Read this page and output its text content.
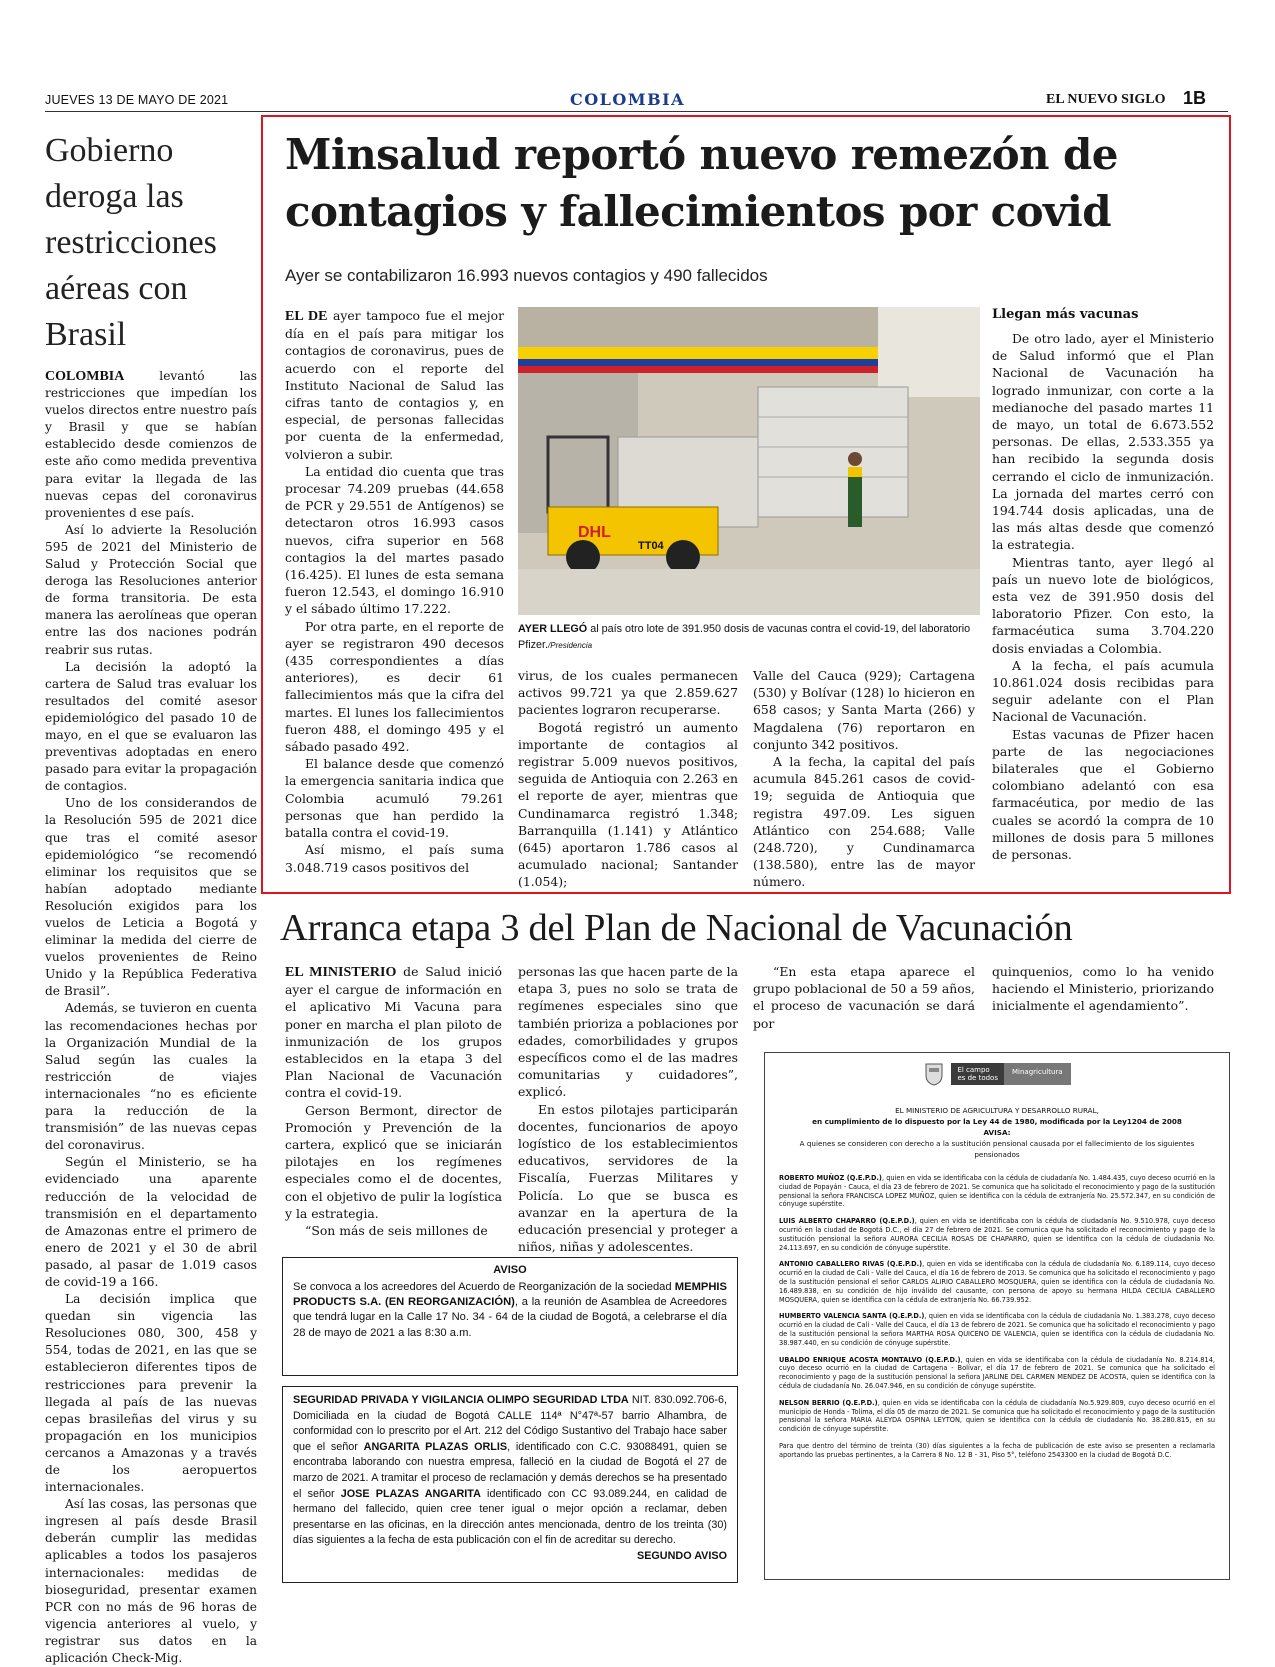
JUEVES 13 DE MAYO DE 2021	COLOMBIA	EL NUEVO SIGLO 1B
Gobierno deroga las restricciones aéreas con Brasil

COLOMBIA	levantó las restricciones que impedían los vuelos directos entre nuestro país y Brasil y que se habían establecido desde comienzos de este año como medida preventiva para evitar la llegada de las nuevas cepas del coronavirus provenientes d ese país.

Así lo advierte la Resolución 595 de 2021 del Ministerio de Salud y Protección Social que deroga las Resoluciones anterior de forma transitoria. De esta manera las aerolíneas que operan entre las dos naciones podrán reabrir sus rutas.

La decisión la adoptó la cartera de Salud tras evaluar los resultados del comité asesor epidemiológico del pasado 10 de mayo, en el que se evaluaron las preventivas adoptadas en enero pasado para evitar la propagación de contagios.

Uno de los considerandos de la Resolución 595 de 2021 dice que tras el comité asesor epidemiológico “se recomendó eliminar los requisitos que se habían adoptado mediante Resolución exigidos para los vuelos de Leticia a Bogotá y eliminar la medida del cierre de vuelos provenientes de Reino Unido y la República Federativa de Brasil”.

Además, se tuvieron en cuenta las recomendaciones hechas por la Organización Mundial de la Salud según las cuales la restricción de viajes internacionales “no es eficiente para la reducción de la transmisión” de las nuevas cepas del coronavirus.

Según el Ministerio, se ha evidenciado una aparente reducción de la velocidad de transmisión en el departamento de Amazonas entre el primero de enero de 2021 y el 30 de abril pasado, al pasar de 1.019 casos de covid-19 a 166.

La decisión implica que quedan sin vigencia las Resoluciones 080, 300, 458 y 554, todas de 2021, en las que se establecieron diferentes tipos de restricciones para prevenir la llegada al país de las nuevas cepas brasileñas del virus y su propagación en los municipios cercanos a Amazonas y a través de los aeropuertos internacionales.

Así las cosas, las personas que ingresen al país desde Brasil deberán cumplir las medidas aplicables a todos los pasajeros internacionales: medidas de bioseguridad, presentar examen PCR con no más de 96 horas de vigencia anteriores al vuelo, y registrar sus datos en la aplicación Check-Mig.

Minsalud reportó nuevo remezón de contagios y fallecimientos por covid
Ayer se contabilizaron 16.993 nuevos contagios y 490 fallecidos

EL DE ayer tampoco fue el mejor día en el país para mitigar los contagios de coronavirus, pues de acuerdo con el reporte del Instituto Nacional de Salud las cifras tanto de contagios y, en especial, de personas fallecidas por cuenta de la enfermedad, volvieron a subir.

La entidad dio cuenta que tras procesar 74.209 pruebas (44.658 de PCR y 29.551 de Antígenos) se detectaron otros 16.993 casos nuevos, cifra superior en 568 contagios la del martes pasado (16.425). El lunes de esta semana fueron 12.543, el domingo 16.910 y el sábado último 17.222.

Por otra parte, en el reporte de ayer se registraron 490 decesos (435 correspondientes a días anteriores), es decir 61 fallecimientos más que la cifra del martes. El lunes los fallecimientos fueron 488, el domingo 495 y el sábado pasado 492.

El balance desde que comenzó la emergencia sanitaria indica que Colombia acumuló 79.261 personas que han perdido la batalla contra el covid-19.

Así mismo, el país suma 3.048.719 casos positivos del

DHL
TT04
AYER LLEGÓ al país otro lote de 391.950 dosis de vacunas contra el covid-19, del laboratorio Pfizer./Presidencia

virus, de los cuales permanecen activos 99.721 ya que 2.859.627 pacientes lograron recuperarse.

Bogotá registró un aumento importante de contagios al registrar 5.009 nuevos positivos, seguida de Antioquia con 2.263 en el reporte de ayer, mientras que Cundinamarca registró 1.348; Barranquilla (1.141) y Atlántico (645) aportaron 1.786 casos al acumulado nacional; Santander (1.054);

Valle del Cauca (929); Cartagena (530) y Bolívar (128) lo hicieron en 658 casos; y Santa Marta (266) y Magdalena (76) reportaron en conjunto 342 positivos.

A la fecha, la capital del país acumula 845.261 casos de covid-19; seguida de Antioquia que registra 497.09. Les siguen Atlántico con 254.688; Valle (248.720), y Cundinamarca (138.580), entre las de mayor número.

Llegan más vacunas

De otro lado, ayer el Ministerio de Salud informó que el Plan Nacional de Vacunación ha logrado inmunizar, con corte a la medianoche del pasado martes 11 de mayo, un total de 6.673.552 personas. De ellas, 2.533.355 ya han recibido la segunda dosis cerrando el ciclo de inmunización. La jornada del martes cerró con 194.744 dosis aplicadas, una de las más altas desde que comenzó la estrategia.

Mientras tanto, ayer llegó al país un nuevo lote de biológicos, esta vez de 391.950 dosis del laboratorio Pfizer. Con esto, la farmacéutica suma 3.704.220 dosis enviadas a Colombia.

A la fecha, el país acumula 10.861.024 dosis recibidas para seguir adelante con el Plan Nacional de Vacunación.

Estas vacunas de Pfizer hacen parte de las negociaciones bilaterales que el Gobierno colombiano adelantó con esa farmacéutica, por medio de las cuales se acordó la compra de 10 millones de dosis para 5 millones de personas.

Arranca etapa 3 del Plan de Nacional de Vacunación

EL MINISTERIO de Salud inició ayer el cargue de información en el aplicativo Mi Vacuna para poner en marcha el plan piloto de inmunización de los grupos establecidos en la etapa 3 del Plan Nacional de Vacunación contra el covid-19.

Gerson Bermont, director de Promoción y Prevención de la cartera, explicó que se iniciarán pilotajes en los regímenes especiales como el de docentes, con el objetivo de pulir la logística y la estrategia.

“Son más de seis millones de

personas las que hacen parte de la etapa 3, pues no solo se trata de regímenes especiales sino que también prioriza a poblaciones por edades, comorbilidades y grupos específicos como el de las madres comunitarias y cuidadores”, explicó.

En estos pilotajes participarán docentes, funcionarios de apoyo logístico de los establecimientos educativos, servidores de la Fiscalía, Fuerzas Militares y Policía. Lo que se busca es avanzar en la apertura de la educación presencial y proteger a niños, niñas y adolescentes.

“En esta etapa aparece el grupo poblacional de 50 a 59 años, el proceso de vacunación se dará por

quinquenios, como lo ha venido haciendo el Ministerio, priorizando inicialmente el agendamiento”.

AVISO
Se convoca a los acreedores del Acuerdo de Reorganización de la sociedad MEMPHIS PRODUCTS S.A. (EN REORGANIZACIÓN), a la reunión de Asamblea de Acreedores que tendrá lugar en la Calle 17 No. 34 - 64 de la ciudad de Bogotá, a celebrarse el día 28 de mayo de 2021 a las 8:30 a.m.
SEGURIDAD PRIVADA Y VIGILANCIA OLIMPO SEGURIDAD LTDA NIT. 830.092.706-6, Domiciliada en la ciudad de Bogotá CALLE 114ª N°47ª-57 barrio Alhambra, de conformidad con lo prescrito por el Art. 212 del Código Sustantivo del Trabajo hace saber que el señor ANGARITA PLAZAS ORLIS, identificado con C.C. 93088491, quien se encontraba laborando con nuestra empresa, falleció en la ciudad de Bogotá el 27 de marzo de 2021. A tramitar el proceso de reclamación y demás derechos se ha presentado el señor JOSE PLAZAS ANGARITA identificado con CC 93.089.244, en calidad de hermano del fallecido, quien cree tener igual o mejor opción a reclamar, deben presentarse en las oficinas, en la dirección antes mencionada, dentro de los treinta (30) días siguientes a la fecha de esta publicación con el fin de acreditar su derecho.
SEGUNDO AVISO
El campo
es de todos
Minagricultura
EL MINISTERIO DE AGRICULTURA Y DESARROLLO RURAL,
en cumplimiento de lo dispuesto por la Ley 44 de 1980, modificada por la Ley1204 de 2008
AVISA:
A quienes se consideren con derecho a la sustitución pensional causada por el fallecimiento de los siguientes pensionados

ROBERTO MUÑOZ (Q.E.P.D.), quien en vida se identificaba con la cédula de ciudadanía No. 1.484.435, cuyo deceso ocurrió en la ciudad de Popayán - Cauca, el día 23 de febrero de 2021. Se comunica que ha solicitado el reconocimiento y pago de la sustitución pensional la señora FRANCISCA LOPEZ MUÑOZ, quien se identifica con la cédula de extranjería No. 25.572.347, en su condición de cónyuge supérstite.

LUIS ALBERTO CHAPARRO (Q.E.P.D.), quien en vida se identificaba con la cédula de ciudadanía No. 9.510.978, cuyo deceso ocurrió en la ciudad de Bogotá D.C., el día 27 de febrero de 2021. Se comunica que ha solicitado el reconocimiento y pago de la sustitución pensional la señora AURORA CECILIA ROSAS DE CHAPARRO, quien se identifica con la cédula de ciudadanía No. 24.113.697, en su condición de cónyuge supérstite.

ANTONIO CABALLERO RIVAS (Q.E.P.D.), quien en vida se identificaba con la cédula de ciudadanía No. 6.189.114, cuyo deceso ocurrió en la ciudad de Cali - Valle del Cauca, el día 16 de febrero de 2013. Se comunica que ha solicitado el reconocimiento y pago de la sustitución pensional el señor CARLOS ALIRIO CABALLERO MOSQUERA, quien se identifica con la cédula de ciudadanía No. 16.489.838, en su condición de hijo inválido del causante, con persona de apoyo su hermana HILDA CECILIA CABALLERO MOSQUERA, quien se identifica con la cédula de extranjería No. 66.739.952.

HUMBERTO VALENCIA SANTA (Q.E.P.D.), quien en vida se identificaba con la cédula de ciudadanía No. 1.383.278, cuyo deceso ocurrió en la ciudad de Cali - Valle del Cauca, el día 13 de febrero de 2021. Se comunica que ha solicitado el reconocimiento y pago de la sustitución pensional la señora MARTHA ROSA QUICENO DE VALENCIA, quien se identifica con la cédula de ciudadanía No. 38.987.440, en su condición de cónyuge supérstite.

UBALDO ENRIQUE ACOSTA MONTALVO (Q.E.P.D.), quien en vida se identificaba con la cédula de ciudadanía No. 8.214.814, cuyo deceso ocurrió en la ciudad de Cartagena - Bolívar, el día 17 de febrero de 2021. Se comunica que ha solicitado el reconocimiento y pago de la sustitución pensional la señora JARLINE DEL CARMEN MENDEZ DE ACOSTA, quien se identifica con la cédula de ciudadanía No. 26.047.946, en su condición de cónyuge supérstite.

NELSON BERRIO (Q.E.P.D.), quien en vida se identificaba con la cédula de ciudadanía No.5.929.809, cuyo deceso ocurrió en el municipio de Honda - Tolima, el día 05 de marzo de 2021. Se comunica que ha solicitado el reconocimiento y pago de la sustitución pensional la señora MARIA ALEYDA OSPINA LEYTON, quien se identifica con la cédula de ciudadanía No. 38.280.815, en su condición de cónyuge supérstite.

Para que dentro del término de treinta (30) días siguientes a la fecha de publicación de este aviso se presenten a reclamarla aportando las pruebas pertinentes, a la Carrera 8 No. 12 B - 31, Piso 5°, teléfono 2543300 en la ciudad de Bogotá D.C.
